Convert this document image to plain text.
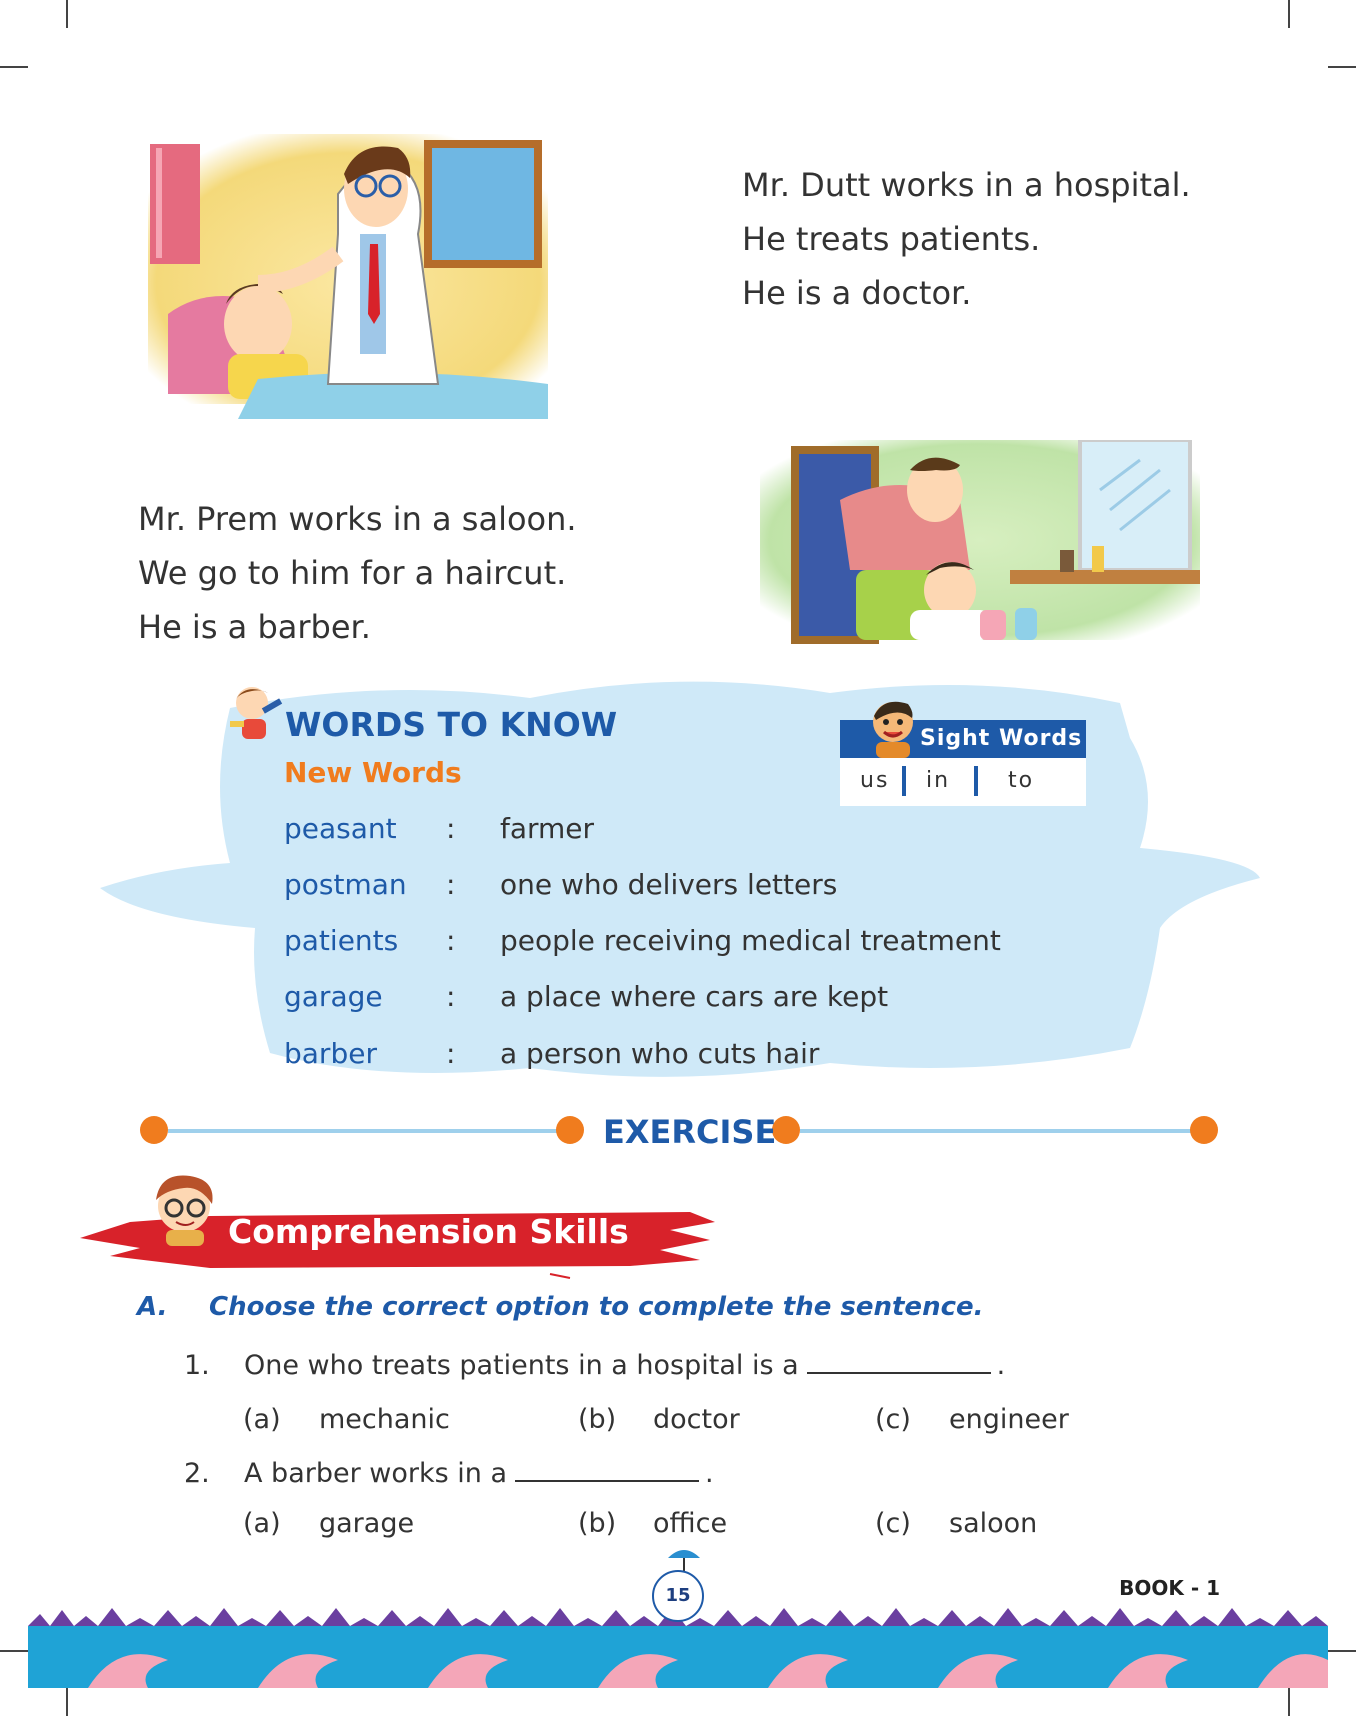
Mr. Dutt works in a hospital.
He treats patients.
He is a doctor.
Mr. Prem works in a saloon.
We go to him for a haircut.
He is a barber.
WORDS TO KNOW
New Words
peasant : farmer
postman : one who delivers letters
patients : people receiving medical treatment
garage : a place where cars are kept
barber : a person who cuts hair
Sight Words
us in	to
EXERCISE
Comprehension Skills
A. Choose the correct option to complete the sentence.
1. One who treats patients in a hospital is a	.
(a) mechanic	(b) doctor	(c) engineer
2. A barber works in a	.
(a) garage	(b) office	(c) saloon
15	BOOK - 1
